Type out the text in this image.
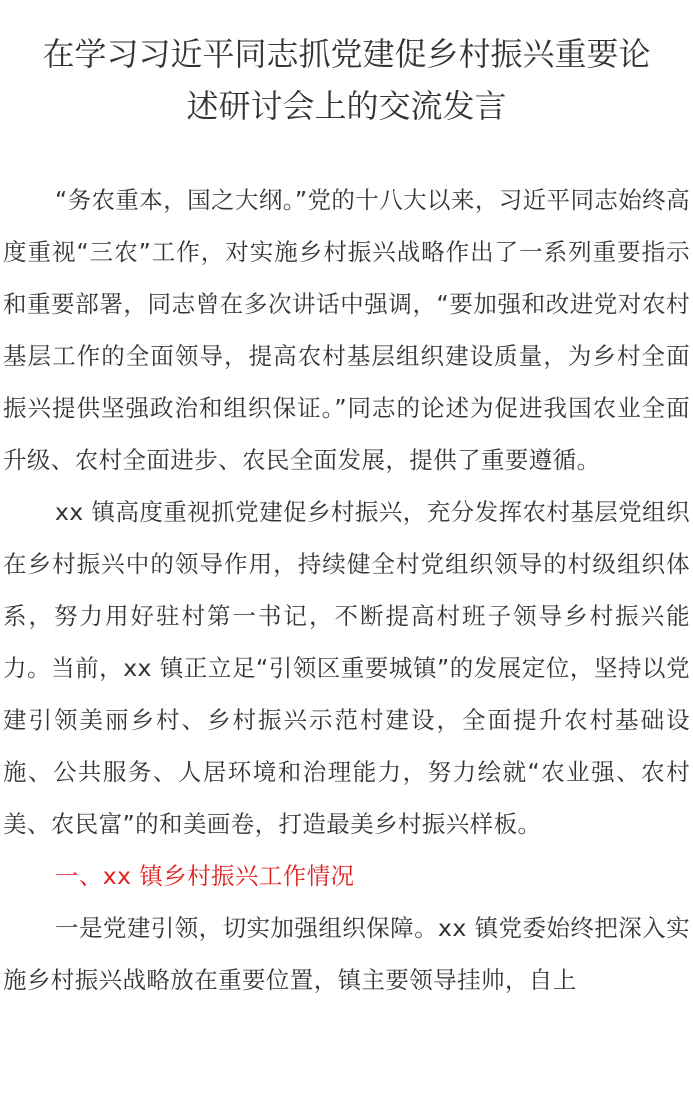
在学习习近平同志抓党建促乡村振兴重要论
述研讨会上的交流发言

“务农重本，国之大纲。”党的十八大以来，习近平同志始终高度重视“三农”工作，对实施乡村振兴战略作出了一系列重要指示和重要部署，同志曾在多次讲话中强调，“要加强和改进党对农村基层工作的全面领导，提高农村基层组织建设质量，为乡村全面振兴提供坚强政治和组织保证。”同志的论述为促进我国农业全面升级、农村全面进步、农民全面发展，提供了重要遵循。

xx 镇高度重视抓党建促乡村振兴，充分发挥农村基层党组织在乡村振兴中的领导作用，持续健全村党组织领导的村级组织体系，努力用好驻村第一书记，不断提高村班子领导乡村振兴能力。当前，xx 镇正立足“引领区重要城镇”的发展定位，坚持以党建引领美丽乡村、乡村振兴示范村建设，全面提升农村基础设施、公共服务、人居环境和治理能力，努力绘就“农业强、农村美、农民富”的和美画卷，打造最美乡村振兴样板。

一、xx 镇乡村振兴工作情况

一是党建引领，切实加强组织保障。xx 镇党委始终把深入实施乡村振兴战略放在重要位置，镇主要领导挂帅，自上
